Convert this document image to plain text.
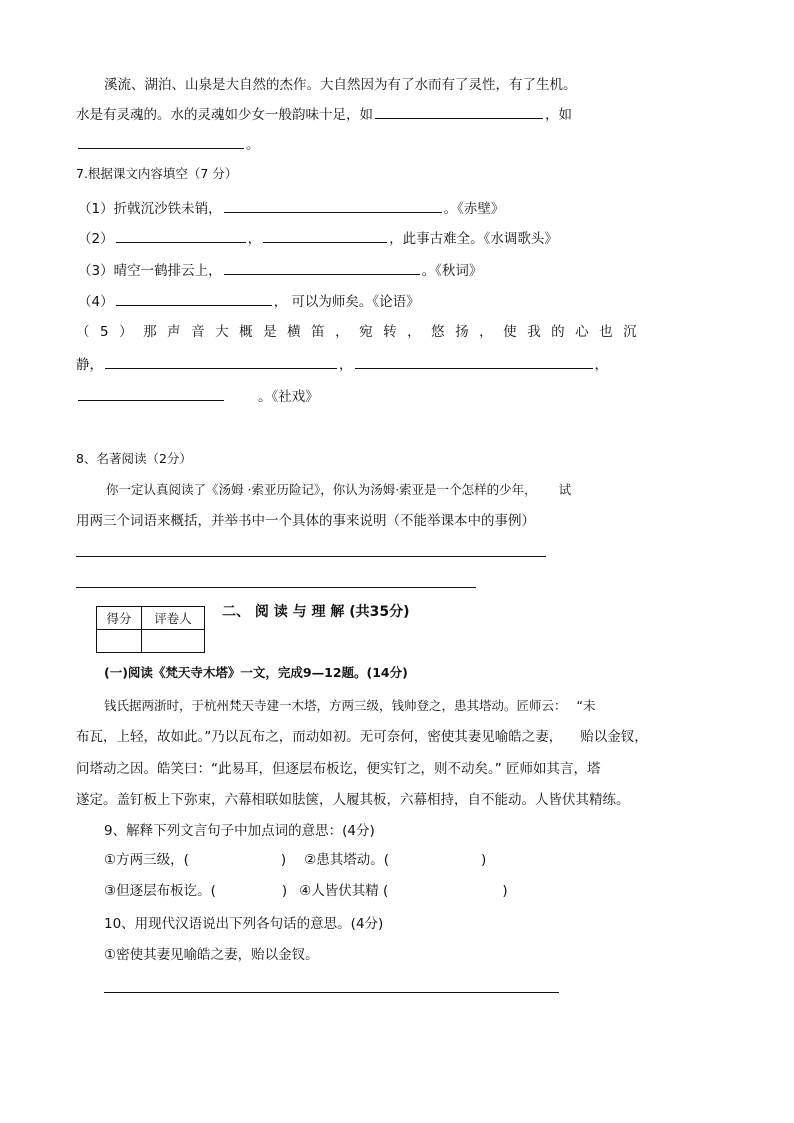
溪流、湖泊、山泉是大自然的杰作。大自然因为有了水而有了灵性，有了生机。
水是有灵魂的。水的灵魂如少女一般韵味十足，如	，如
。
7.根据课文内容填空（7 分）
（1）折戟沉沙铁未销，	。《赤壁》
（2）	，	，此事古难全。《水调歌头》
（3）晴空一鹤排云上，	。《秋词》
（4）	， 可以为师矣。《论语》
（5）那声音大概是横笛，宛转，悠扬，使我的心也沉
静，	，	，
。《社戏》
8、名著阅读（2分）
你一定认真阅读了《汤姆 ·索亚历险记》，你认为汤姆·索亚是一个怎样的少年， 试
用两三个词语来概括，并举书中一个具体的事来说明（不能举课本中的事例）
得分	评卷人
	二、 阅 读 与 理 解 (共35分)
(一)阅读《梵天寺木塔》一文，完成9—12题。(14分)
钱氏据两浙时，于杭州梵天寺建一木塔，方两三级，钱帅登之，患其塔动。匠师云： “未
布瓦，上轻，故如此。”乃以瓦布之，而动如初。无可奈何，密使其妻见喻皓之妻， 贻以金钗，
问塔动之因。皓笑曰：“此易耳，但逐层布板讫，便实钉之，则不动矣。” 匠师如其言，塔
遂定。盖钉板上下弥束，六幕相联如胠箧，人履其板，六幕相持，自不能动。人皆伏其精练。
9、解释下列文言句子中加点词的意思：(4分)
①方两三级，(	) ②患其塔动。(	)
③但逐层布板讫。(	) ④人皆伏其精 (	)
10、用现代汉语说出下列各句话的意思。(4分)
①密使其妻见喻皓之妻，贻以金钗。
